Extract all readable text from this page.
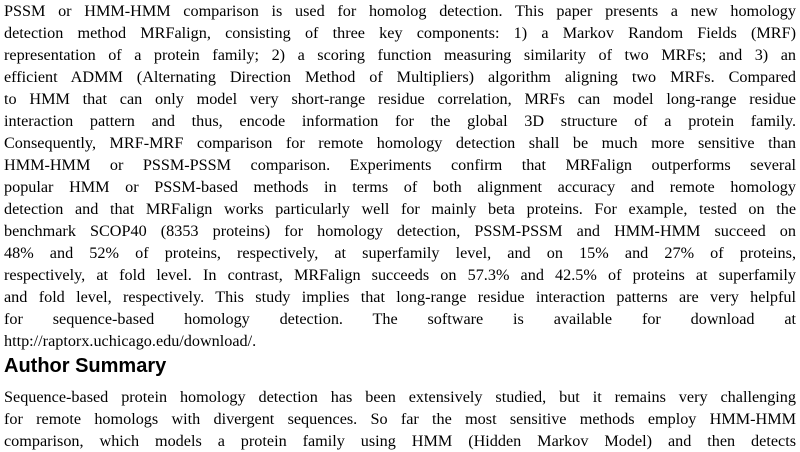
PSSM or HMM-HMM comparison is used for homolog detection. This paper presents a new homology
detection method MRFalign, consisting of three key components: 1) a Markov Random Fields (MRF)
representation of a protein family; 2) a scoring function measuring similarity of two MRFs; and 3) an
efficient ADMM (Alternating Direction Method of Multipliers) algorithm aligning two MRFs. Compared
to HMM that can only model very short-range residue correlation, MRFs can model long-range residue
interaction pattern and thus, encode information for the global 3D structure of a protein family.
Consequently, MRF-MRF comparison for remote homology detection shall be much more sensitive than
HMM-HMM or PSSM-PSSM comparison. Experiments confirm that MRFalign outperforms several
popular HMM or PSSM-based methods in terms of both alignment accuracy and remote homology
detection and that MRFalign works particularly well for mainly beta proteins. For example, tested on the
benchmark SCOP40 (8353 proteins) for homology detection, PSSM-PSSM and HMM-HMM succeed on
48% and 52% of proteins, respectively, at superfamily level, and on 15% and 27% of proteins,
respectively, at fold level. In contrast, MRFalign succeeds on 57.3% and 42.5% of proteins at superfamily
and fold level, respectively. This study implies that long-range residue interaction patterns are very helpful
for sequence-based homology detection. The software is available for download at
http://raptorx.uchicago.edu/download/.
Author Summary
Sequence-based protein homology detection has been extensively studied, but it remains very challenging
for remote homologs with divergent sequences. So far the most sensitive methods employ HMM-HMM
comparison, which models a protein family using HMM (Hidden Markov Model) and then detects
